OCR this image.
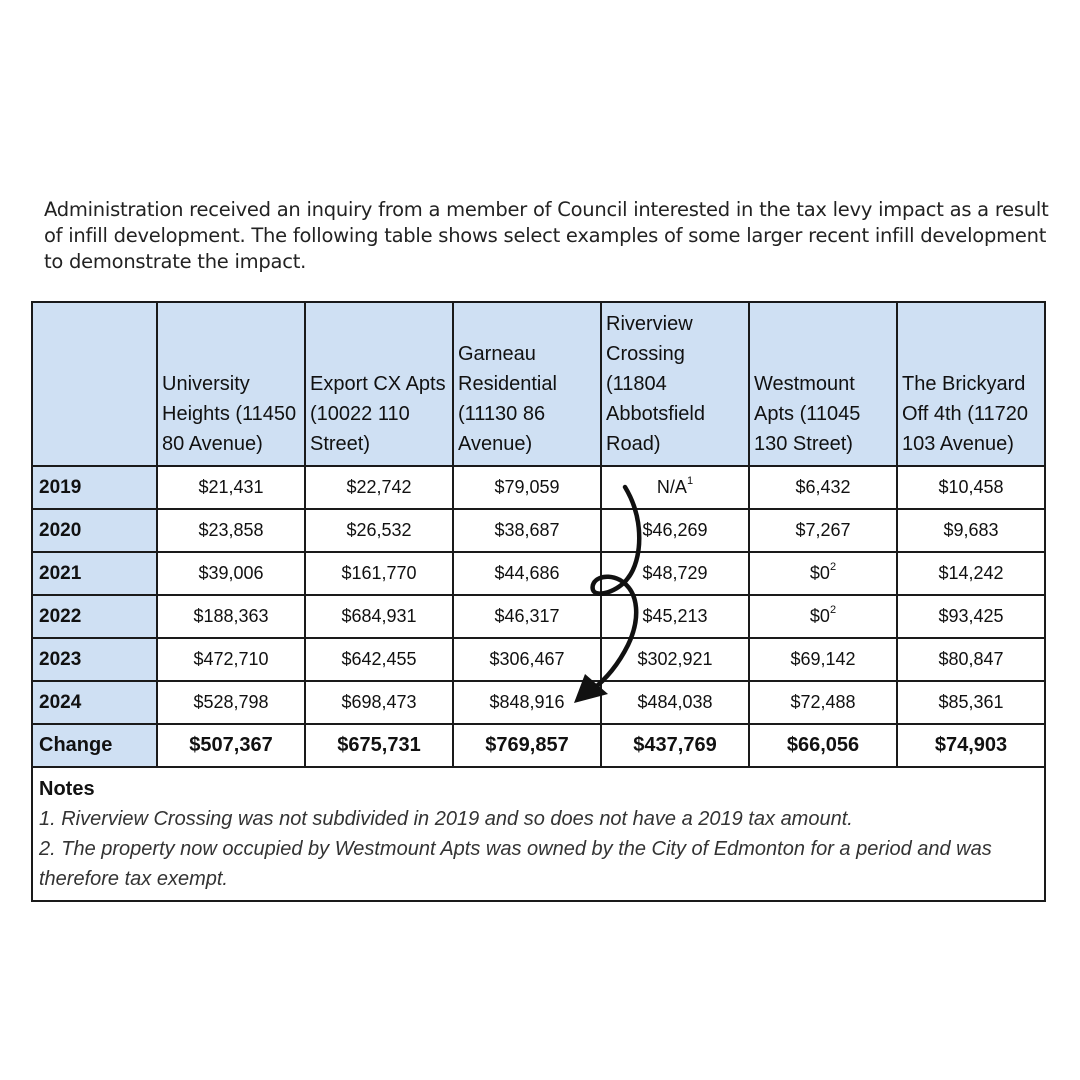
Administration received an inquiry from a member of Council interested in the tax levy impact as a result of infill development. The following table shows select examples of some larger recent infill development to demonstrate the impact.
	University Heights (11450 80 Avenue)	Export CX Apts (10022 110 Street)	Garneau Residential (11130 86 Avenue)	Riverview Crossing (11804 Abbotsfield Road)	Westmount Apts (11045 130 Street)	The Brickyard Off 4th (11720 103 Avenue)
2019	$21,431	$22,742	$79,059	$N/A^1$	$6,432	$10,458
2020	$23,858	$26,532	$38,687	$46,269	$7,267	$9,683
2021	$39,006	$161,770	$44,686	$48,729	$\$0^2$	$14,242
2022	$188,363	$684,931	$46,317	$45,213	$\$0^2$	$93,425
2023	$472,710	$642,455	$306,467	$302,921	$69,142	$80,847
2024	$528,798	$698,473	$848,916	$484,038	$72,488	$85,361
Change	$507,367	$675,731	$769,857	$437,769	$66,056	$74,903

Notes
1. Riverview Crossing was not subdivided in 2019 and so does not have a 2019 tax amount.
2. The property now occupied by Westmount Apts was owned by the City of Edmonton for a period and was therefore tax exempt.						
